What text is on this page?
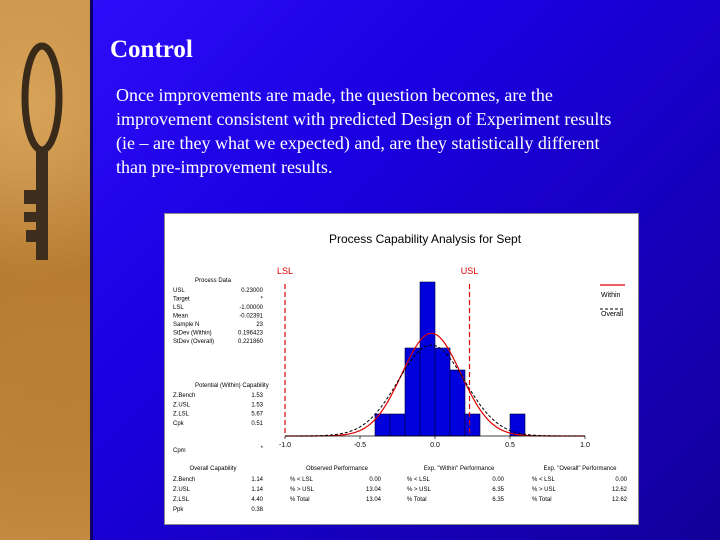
Control
Once improvements are made, the question becomes, are the
improvement consistent with predicted Design of Experiment results
(ie – are they what we expected) and, are they statistically different
than pre-improvement results.
Process Capability Analysis for Sept
LSL	USL
-1.0	-0.5	0.0	0.5	1.0
Within
Overall
Process Data
USL	0.23000
Target	*
LSL	-1.00000
Mean	-0.02391
Sample N	23
StDev (Within)	0.196423
StDev (Overall)	0.221860
Potential (Within) Capability
Z.Bench	1.53
Z.USL	1.53
Z.LSL	5.67
Cpk	0.51
Cpm	*
Overall Capability
Z.Bench	1.14
Z.USL	1.14
Z.LSL	4.40
Ppk	0.38
Observed Performance
% < LSL	0.00
% > USL	13.04
% Total	13.04
Exp. "Within" Performance
% < LSL	0.00
% > USL	6.35
% Total	6.35
Exp. "Overall" Performance
% < LSL	0.00
% > USL	12.62
% Total	12.62
